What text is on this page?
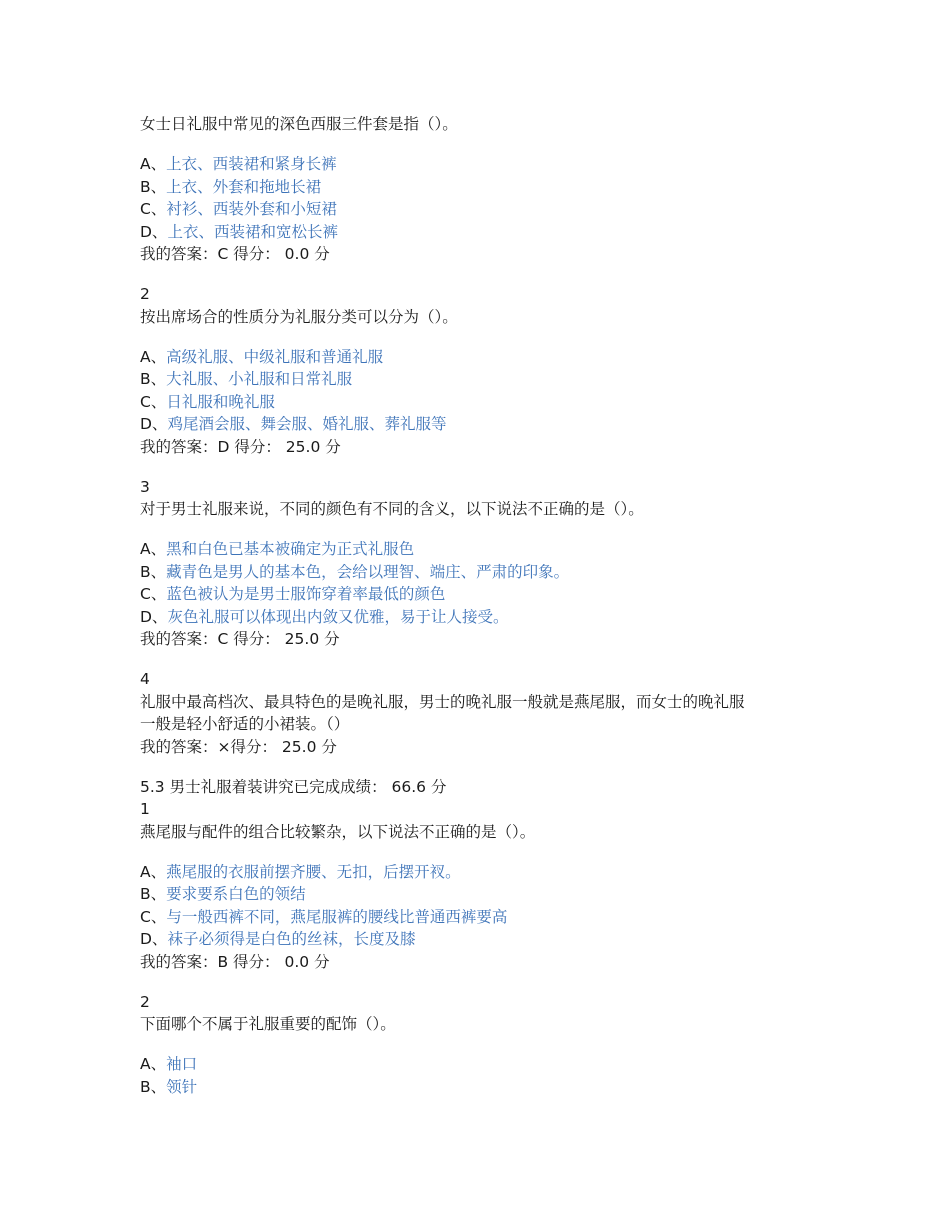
女士日礼服中常见的深色西服三件套是指（）。
A、上衣、西装裙和紧身长裤
B、上衣、外套和拖地长裙
C、衬衫、西装外套和小短裙
D、上衣、西装裙和宽松长裤
我的答案：C 得分： 0.0 分
2
按出席场合的性质分为礼服分类可以分为（）。
A、高级礼服、中级礼服和普通礼服
B、大礼服、小礼服和日常礼服
C、日礼服和晚礼服
D、鸡尾酒会服、舞会服、婚礼服、葬礼服等
我的答案：D 得分： 25.0 分
3
对于男士礼服来说，不同的颜色有不同的含义，以下说法不正确的是（）。
A、黑和白色已基本被确定为正式礼服色
B、藏青色是男人的基本色，会给以理智、端庄、严肃的印象。
C、蓝色被认为是男士服饰穿着率最低的颜色
D、灰色礼服可以体现出内敛又优雅，易于让人接受。
我的答案：C 得分： 25.0 分
4
礼服中最高档次、最具特色的是晚礼服，男士的晚礼服一般就是燕尾服，而女士的晚礼服
一般是轻小舒适的小裙装。（）
我的答案：×得分： 25.0 分
5.3 男士礼服着装讲究已完成成绩： 66.6 分
1
燕尾服与配件的组合比较繁杂，以下说法不正确的是（）。
A、燕尾服的衣服前摆齐腰、无扣，后摆开衩。
B、要求要系白色的领结
C、与一般西裤不同，燕尾服裤的腰线比普通西裤要高
D、袜子必须得是白色的丝袜，长度及膝
我的答案：B 得分： 0.0 分
2
下面哪个不属于礼服重要的配饰（）。
A、袖口
B、领针
